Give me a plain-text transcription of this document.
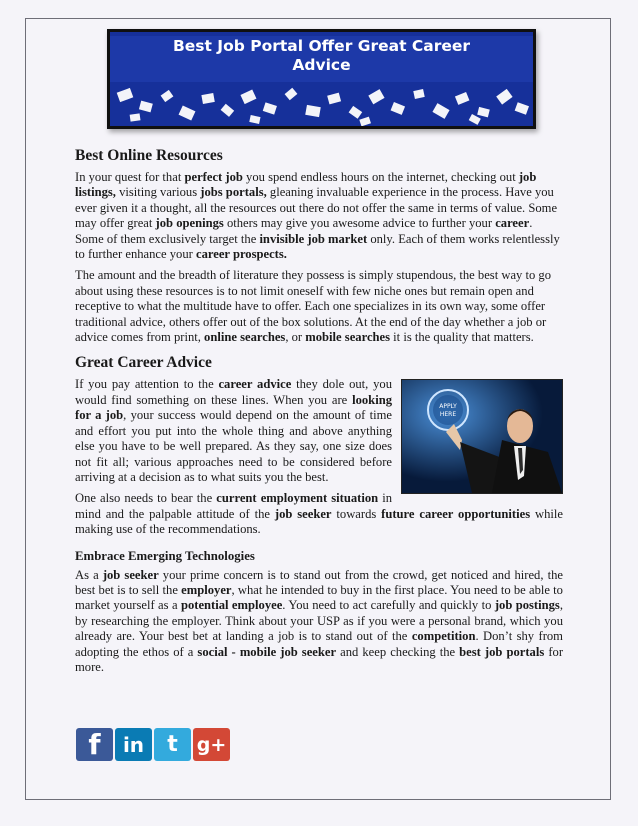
Best Job Portal Offer Great Career
Advice
Best Online Resources

In your quest for that perfect job you spend endless hours on the internet, checking out job listings, visiting various jobs portals, gleaning invaluable experience in the process. Have you ever given it a thought, all the resources out there do not offer the same in terms of value. Some may offer great job openings others may give you awesome advice to further your career. Some of them exclusively target the invisible job market only. Each of them works relentlessly to further enhance your career prospects.

The amount and the breadth of literature they possess is simply stupendous, the best way to go about using these resources is to not limit oneself with few niche ones but remain open and receptive to what the multitude have to offer. Each one specializes in its own way, some offer traditional advice, others offer out of the box solutions. At the end of the day whether a job or advice comes from print, online searches, or mobile searches it is the quality that matters.

Great Career Advice

APPLY
HERE
If you pay attention to the career advice they dole out, you would find something on these lines. When you are looking for a job, your success would depend on the amount of time and effort you put into the whole thing and above anything else you have to be well prepared. As they say, one size does not fit all; various approaches need to be considered before arriving at a decision as to what suits you the best.

One also needs to bear the current employment situation in mind and the palpable attitude of the job seeker towards future career opportunities while making use of the recommendations.

Embrace Emerging Technologies

As a job seeker your prime concern is to stand out from the crowd, get noticed and hired, the best bet is to sell the employer, what he intended to buy in the first place. You need to be able to market yourself as a potential employee. You need to act carefully and quickly to job postings, by researching the employer. Think about your USP as if you were a personal brand, which you already are. Your best bet at landing a job is to stand out of the competition. Don’t shy from adopting the ethos of a social - mobile job seeker and keep checking the best job portals for more.

f	in	t g+
